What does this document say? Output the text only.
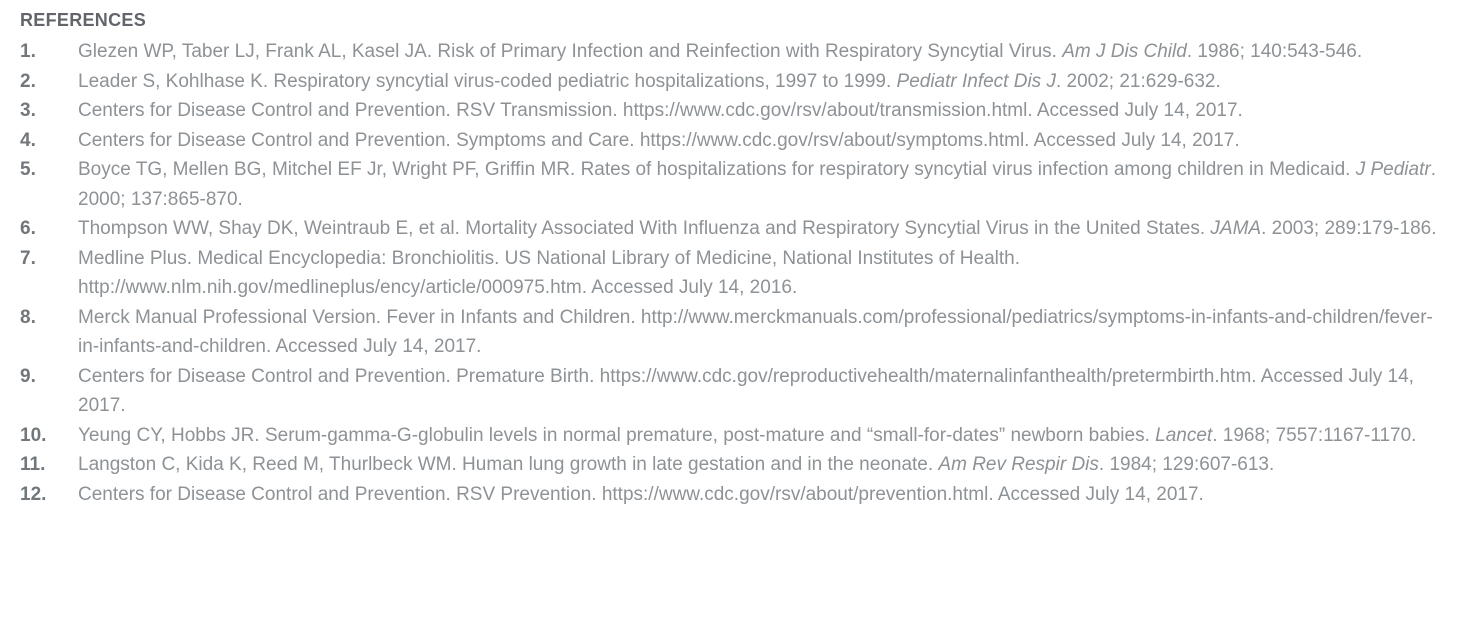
REFERENCES
1. Glezen WP, Taber LJ, Frank AL, Kasel JA. Risk of Primary Infection and Reinfection with Respiratory Syncytial Virus. Am J Dis Child. 1986; 140:543-546.
2. Leader S, Kohlhase K. Respiratory syncytial virus-coded pediatric hospitalizations, 1997 to 1999. Pediatr Infect Dis J. 2002; 21:629-632.
3. Centers for Disease Control and Prevention. RSV Transmission. https://www.cdc.gov/rsv/about/transmission.html. Accessed July 14, 2017.
4. Centers for Disease Control and Prevention. Symptoms and Care. https://www.cdc.gov/rsv/about/symptoms.html. Accessed July 14, 2017.
5. Boyce TG, Mellen BG, Mitchel EF Jr, Wright PF, Griffin MR. Rates of hospitalizations for respiratory syncytial virus infection among children in Medicaid. J Pediatr. 2000; 137:865-870.
6. Thompson WW, Shay DK, Weintraub E, et al. Mortality Associated With Influenza and Respiratory Syncytial Virus in the United States. JAMA. 2003; 289:179-186.
7. Medline Plus. Medical Encyclopedia: Bronchiolitis. US National Library of Medicine, National Institutes of Health. http://www.nlm.nih.gov/medlineplus/ency/article/000975.htm. Accessed July 14, 2016.
8. Merck Manual Professional Version. Fever in Infants and Children. http://www.merckmanuals.com/professional/pediatrics/symptoms-in-infants-and-children/fever-in-infants-and-children. Accessed July 14, 2017.
9. Centers for Disease Control and Prevention. Premature Birth. https://www.cdc.gov/reproductivehealth/maternalinfanthealth/pretermbirth.htm. Accessed July 14, 2017.
10. Yeung CY, Hobbs JR. Serum-gamma-G-globulin levels in normal premature, post-mature and “small-for-dates” newborn babies. Lancet. 1968; 7557:1167-1170.
11. Langston C, Kida K, Reed M, Thurlbeck WM. Human lung growth in late gestation and in the neonate. Am Rev Respir Dis. 1984; 129:607-613.
12. Centers for Disease Control and Prevention. RSV Prevention. https://www.cdc.gov/rsv/about/prevention.html. Accessed July 14, 2017.
